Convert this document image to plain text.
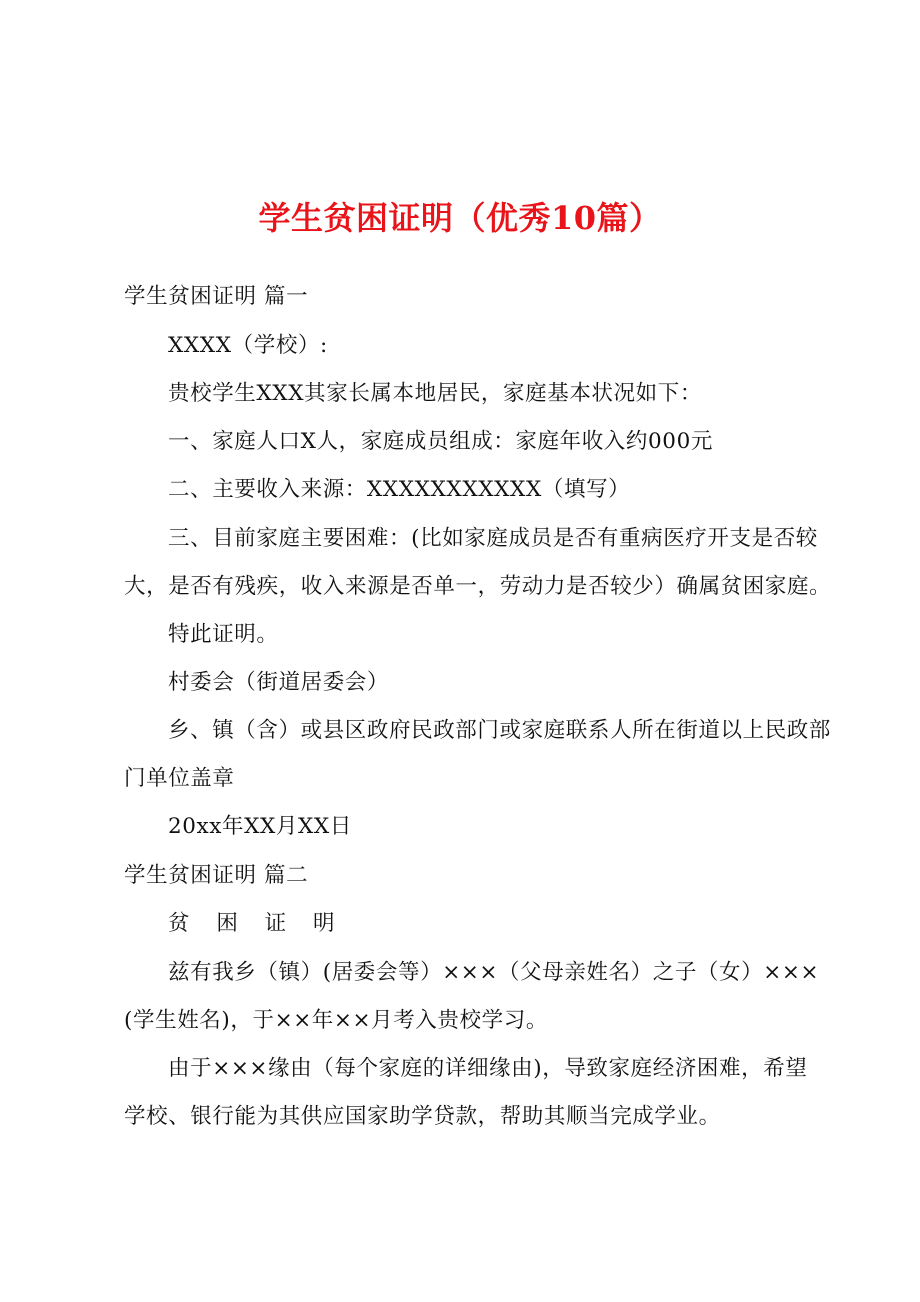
学生贫困证明（优秀10篇）
学生贫困证明 篇一
XXXX（学校）:
贵校学生XXX其家长属本地居民，家庭基本状况如下：
一、家庭人口X人，家庭成员组成：家庭年收入约000元
二、主要收入来源：XXXXXXXXXXX（填写）
三、目前家庭主要困难：(比如家庭成员是否有重病医疗开支是否较
大，是否有残疾，收入来源是否单一，劳动力是否较少）确属贫困家庭。
特此证明。
村委会（街道居委会）
乡、镇（含）或县区政府民政部门或家庭联系人所在街道以上民政部
门单位盖章
20xx年XX月XX日
学生贫困证明 篇二
贫 困 证 明
兹有我乡（镇）(居委会等）×××（父母亲姓名）之子（女）×××
(学生姓名)，于××年××月考入贵校学习。
由于×××缘由（每个家庭的详细缘由)，导致家庭经济困难，希望
学校、银行能为其供应国家助学贷款，帮助其顺当完成学业。
